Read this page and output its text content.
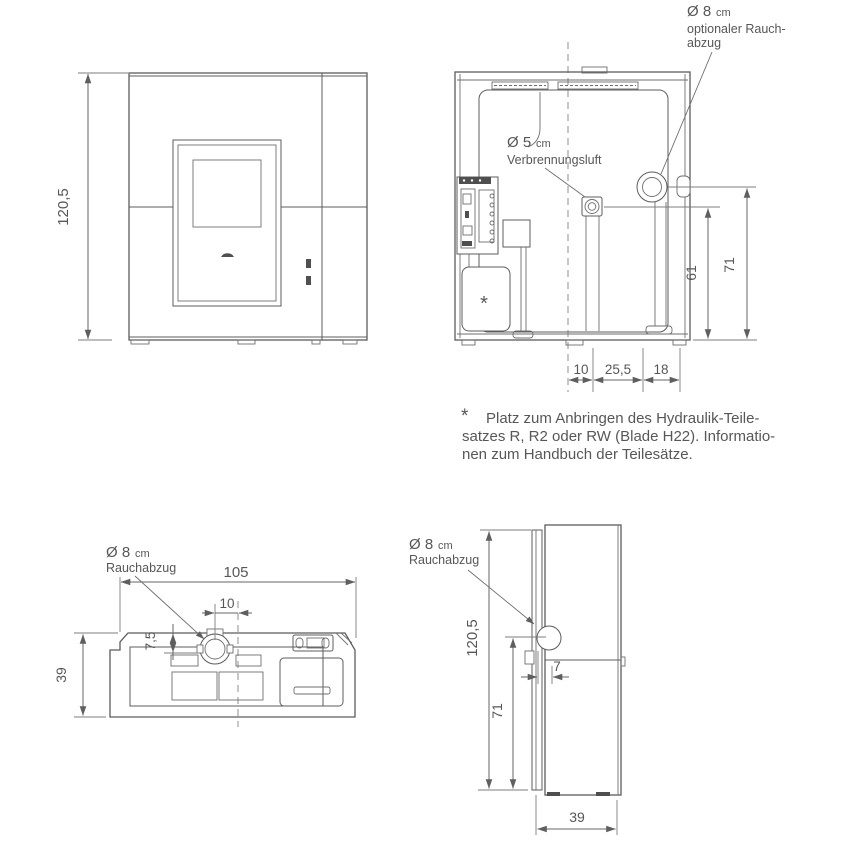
120,5
*
Ø 8 cm
optionaler Rauch-
abzug
Ø 5 cm
Verbrennungsluft
10 25,5 18
61
71
* Platz zum Anbringen des Hydraulik-Teile-
satzes R, R2 oder RW (Blade H22). Informatio-
nen zum Handbuch der Teilesätze.
Ø 8 cm
Rauchabzug	105
10
7,5
39
Ø 8 cm
Rauchabzug
120,5
71
7
39
